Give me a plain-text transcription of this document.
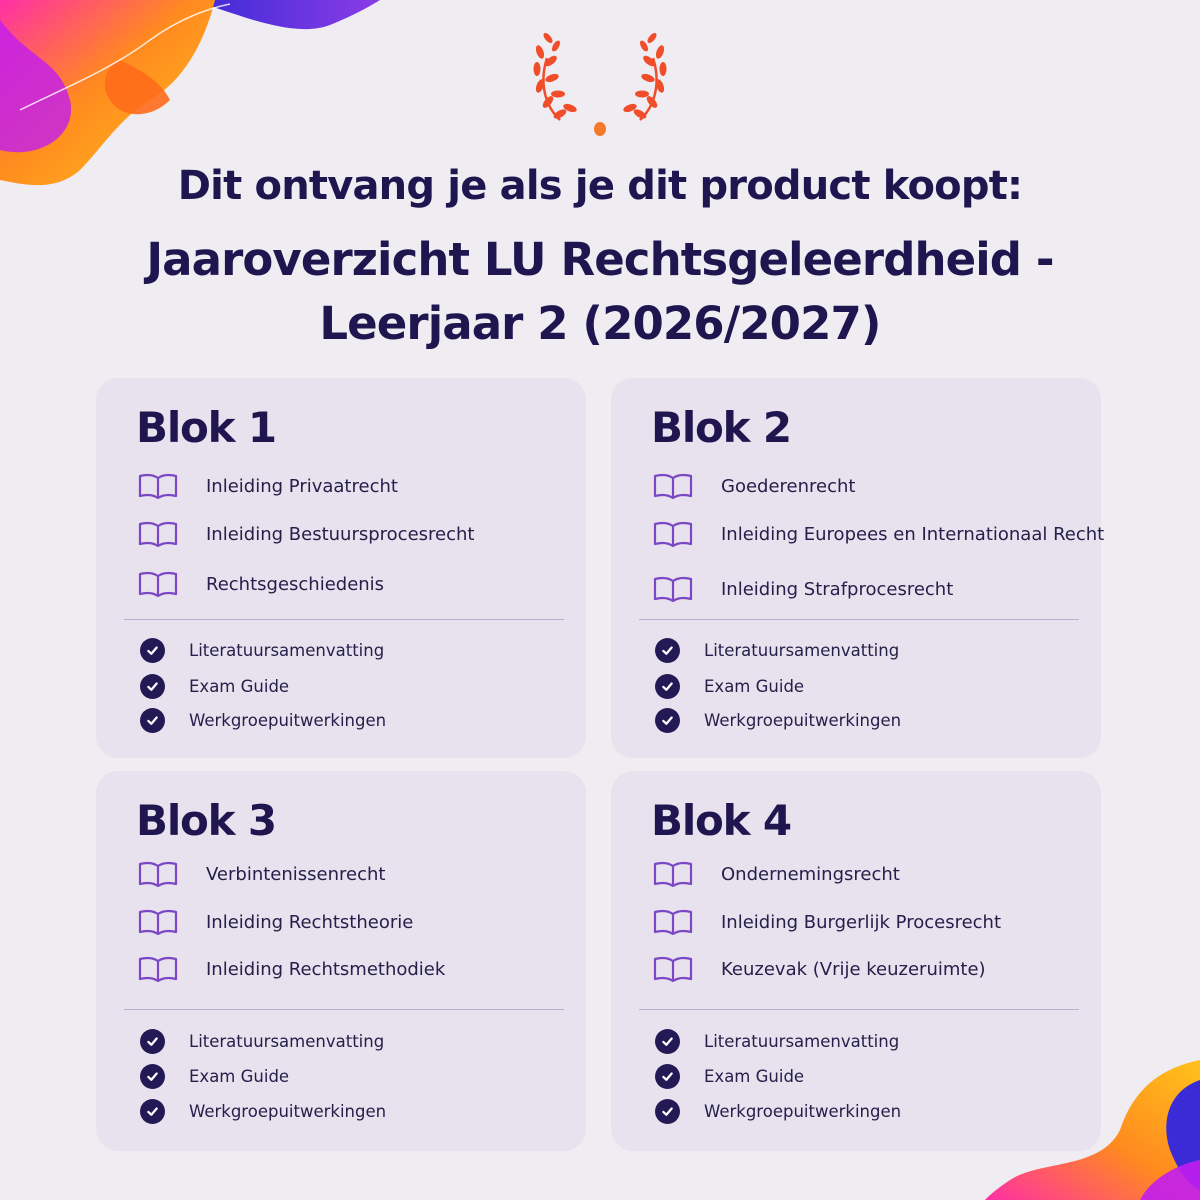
Dit ontvang je als je dit product koopt:
Jaaroverzicht LU Rechtsgeleerdheid -
Leerjaar 2 (2026/2027)
Blok 1
Inleiding Privaatrecht
Inleiding Bestuursprocesrecht
Rechtsgeschiedenis
Literatuursamenvatting
Exam Guide
Werkgroepuitwerkingen
Blok 2
Goederenrecht
Inleiding Europees en Internationaal Recht
Inleiding Strafprocesrecht
Literatuursamenvatting
Exam Guide
Werkgroepuitwerkingen
Blok 3
Verbintenissenrecht
Inleiding Rechtstheorie
Inleiding Rechtsmethodiek
Literatuursamenvatting
Exam Guide
Werkgroepuitwerkingen
Blok 4
Ondernemingsrecht
Inleiding Burgerlijk Procesrecht
Keuzevak (Vrije keuzeruimte)
Literatuursamenvatting
Exam Guide
Werkgroepuitwerkingen
